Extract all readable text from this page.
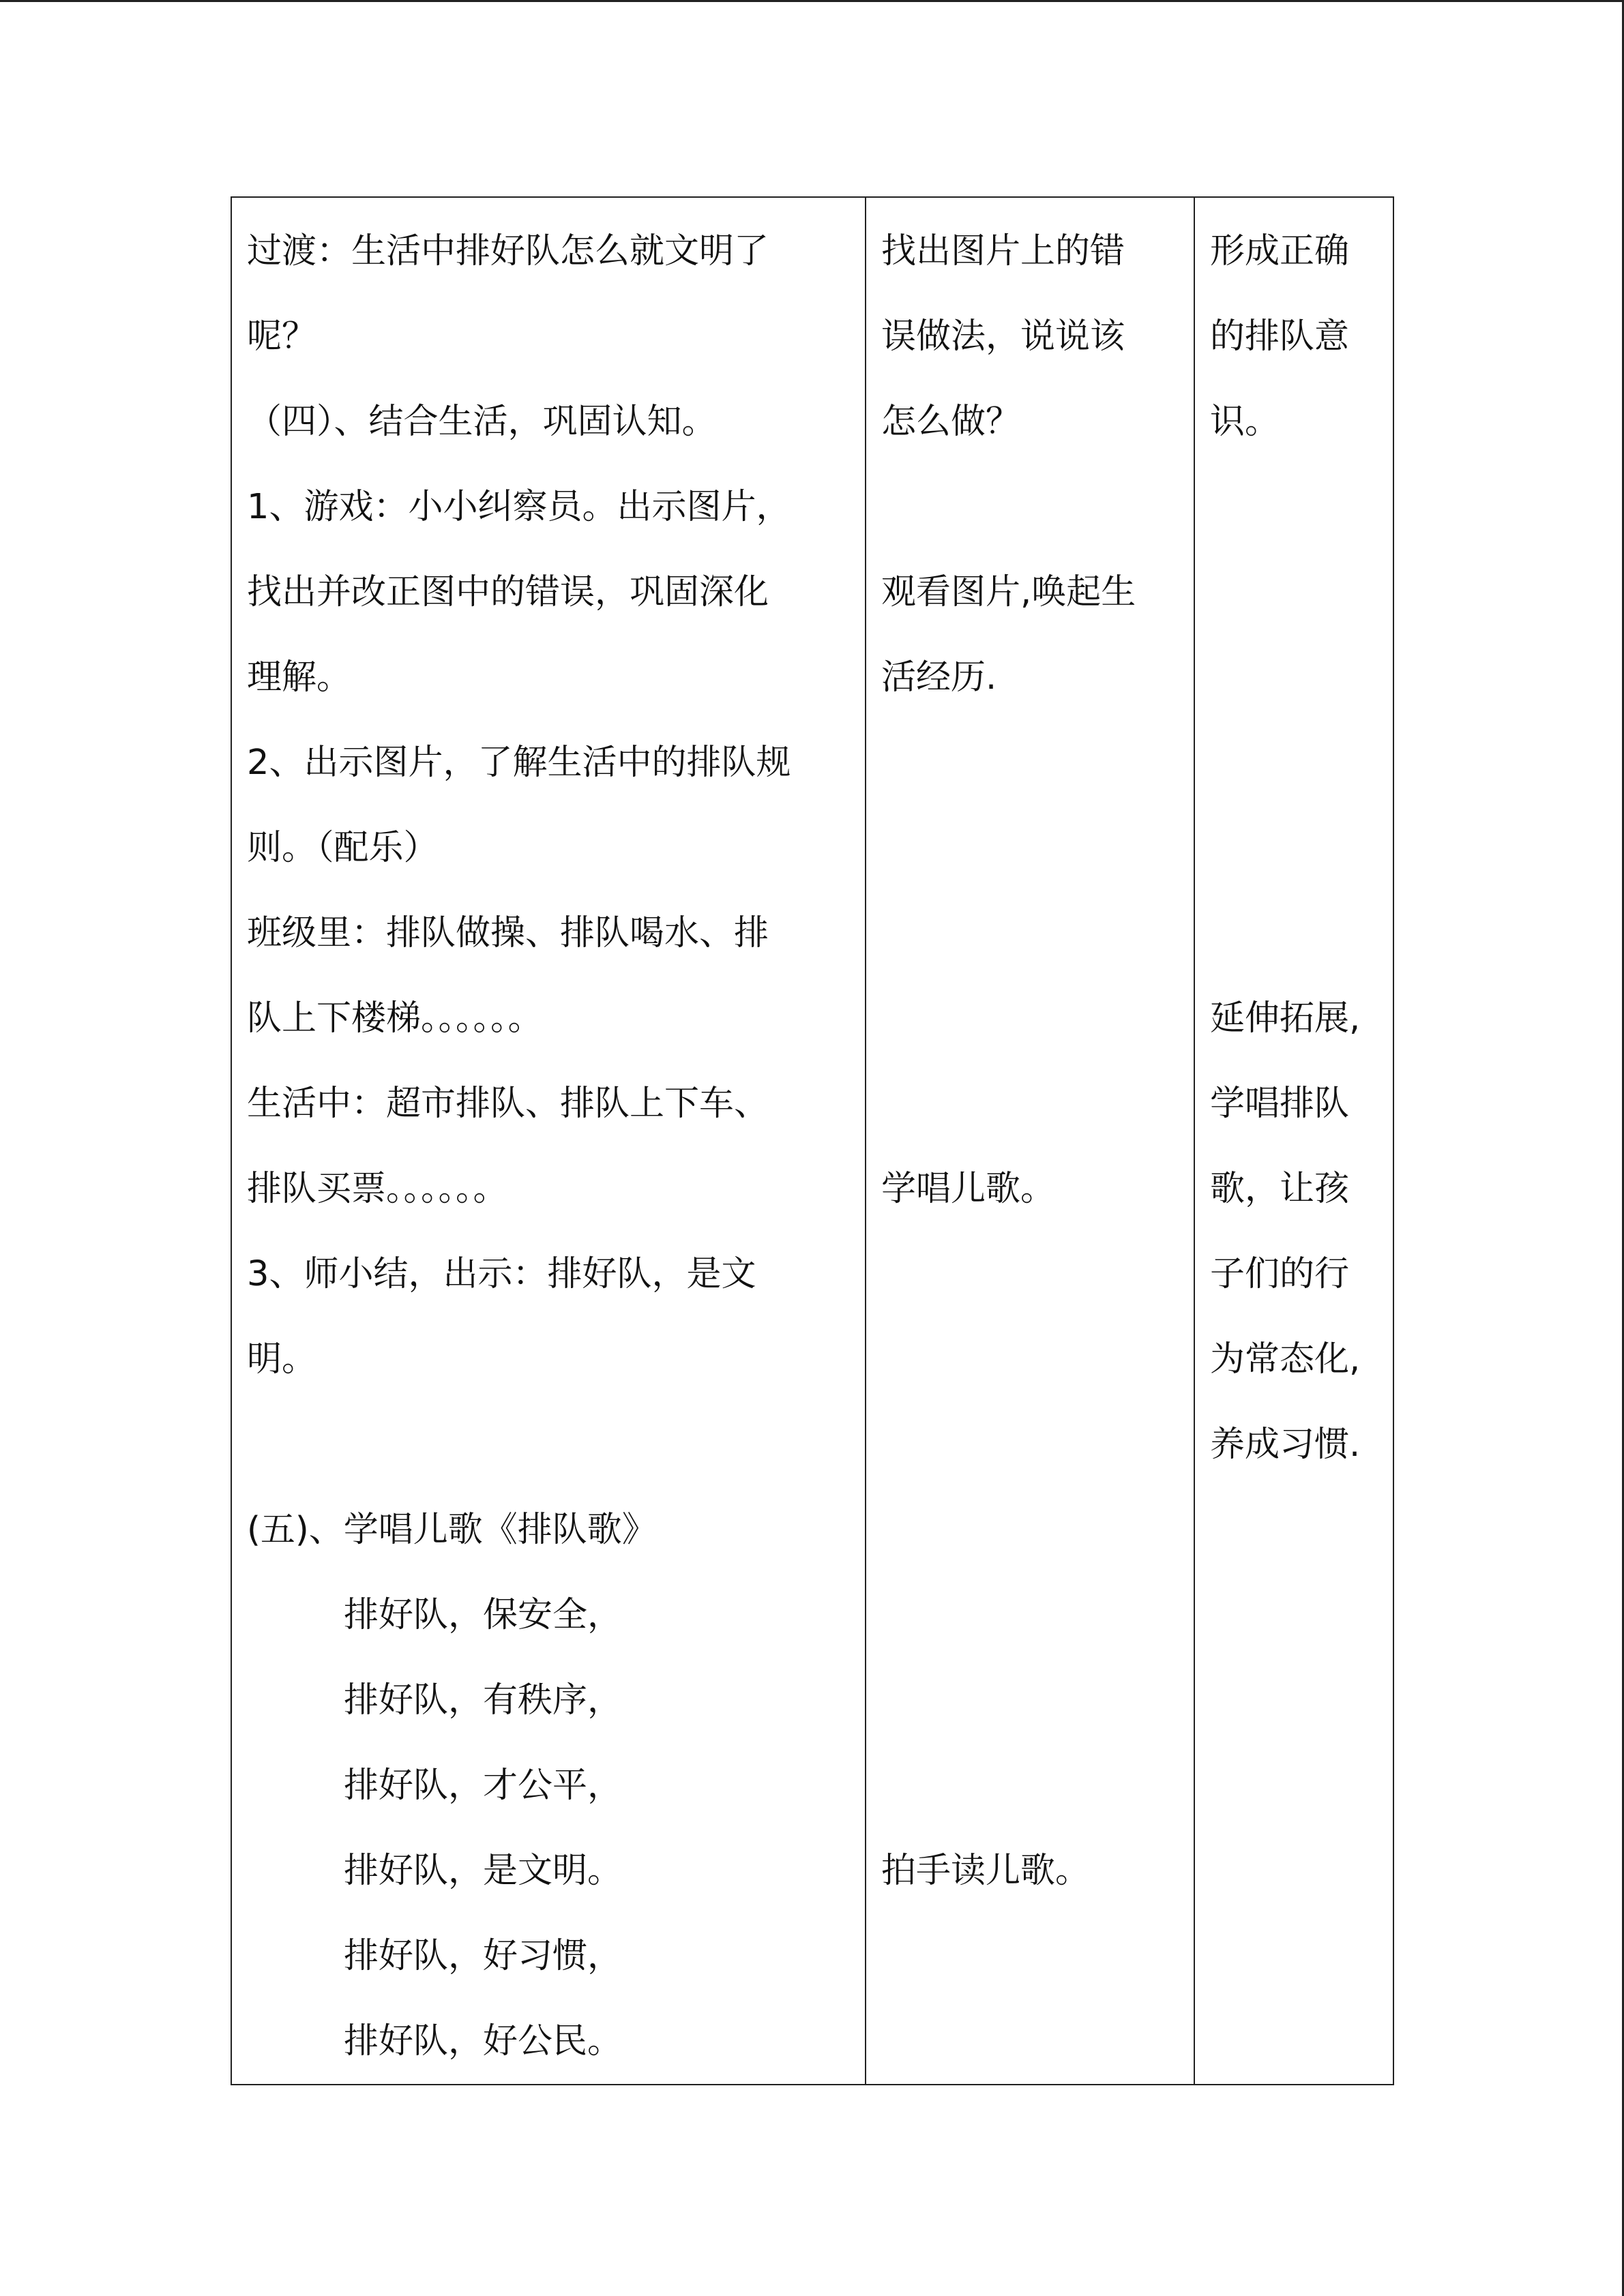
过渡：生活中排好队怎么就文明了
呢？
（四）、结合生活，巩固认知。
1、游戏：小小纠察员。出示图片，
找出并改正图中的错误，巩固深化
理解。
2、出示图片，了解生活中的排队规
则。（配乐）
班级里：排队做操、排队喝水、排
队上下楼梯。。。。。。
生活中：超市排队、排队上下车、
排队买票。。。。。。
3、师小结，出示：排好队，是文
明。
(五)、学唱儿歌《排队歌》
排好队，保安全，
排好队，有秩序，
排好队，才公平，
排好队，是文明。
排好队，好习惯，
排好队，好公民。

找出图片上的错
误做法，说说该
怎么做？
观看图片,唤起生
活经历.
学唱儿歌。
拍手读儿歌。

形成正确
的排队意
识。
延伸拓展,
学唱排队
歌，让孩
子们的行
为常态化,
养成习惯.
